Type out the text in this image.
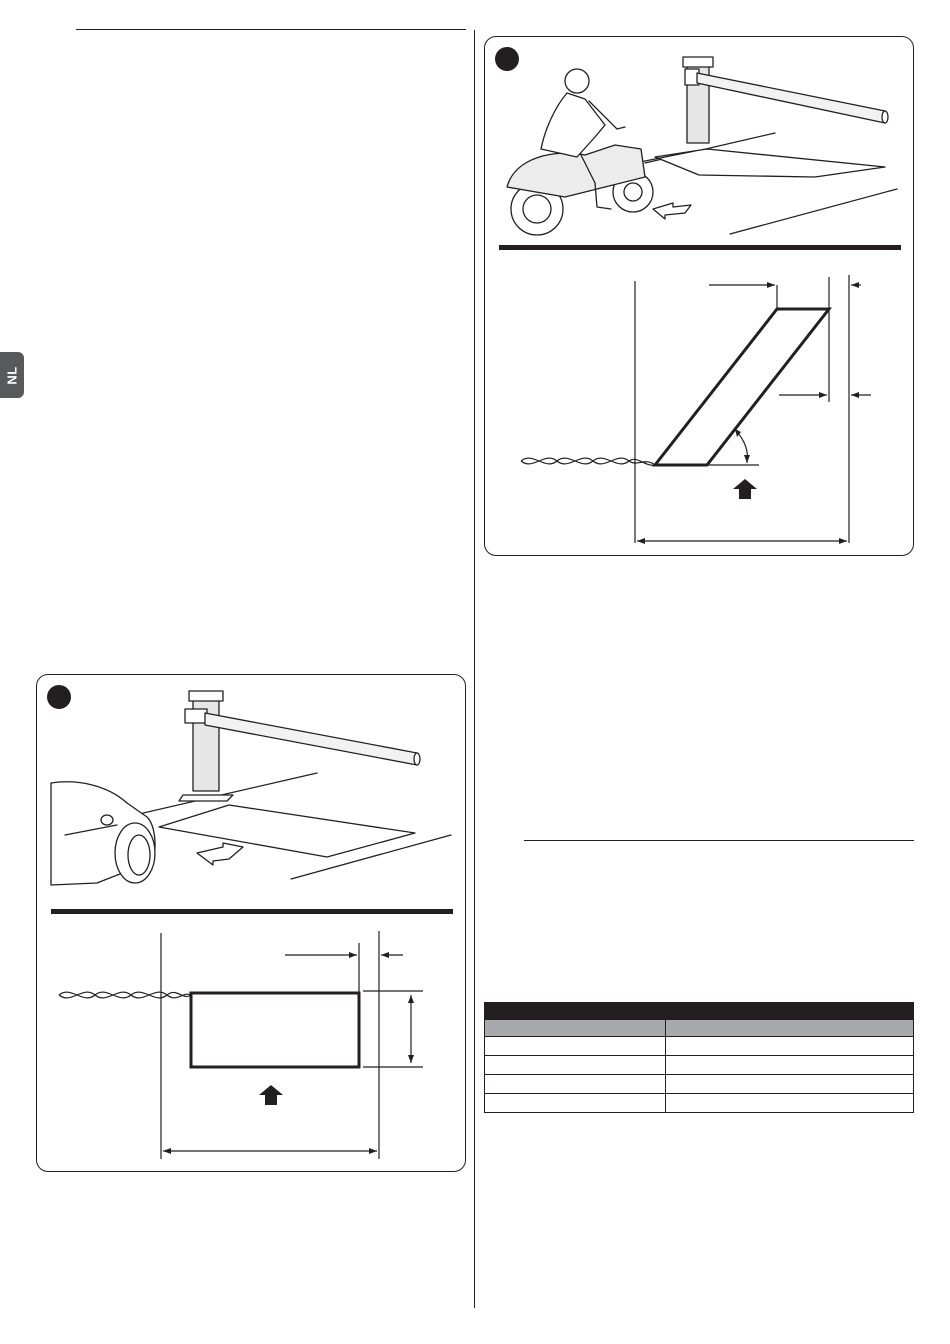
NL
